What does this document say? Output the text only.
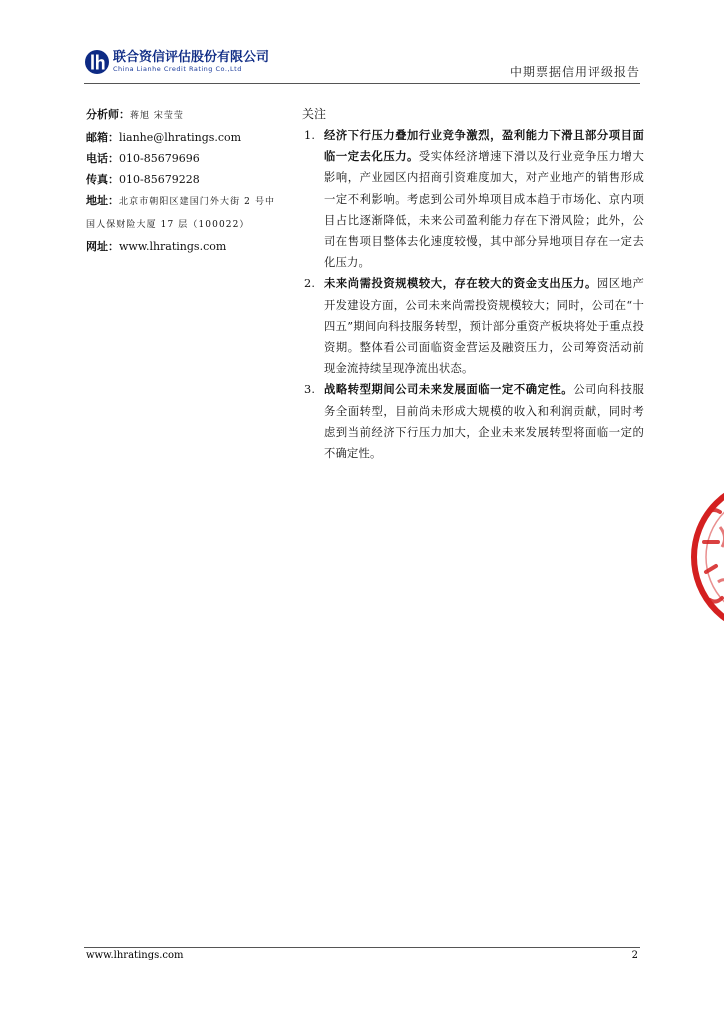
联合资信评估股份有限公司
China Lianhe Credit Rating Co.,Ltd	中期票据信用评级报告
分析师：蒋旭 宋莹莹
邮箱：lianhe@lhratings.com
电话：010-85679696
传真：010-85679228
地址：北京市朝阳区建国门外大街 2 号中
国人保财险大厦 17 层（100022）
网址：www.lhratings.com
关注
1. 经济下行压力叠加行业竞争激烈，盈利能力下滑且部分项目面临一定去化压力。受实体经济增速下滑以及行业竞争压力增大影响，产业园区内招商引资难度加大，对产业地产的销售形成一定不利影响。考虑到公司外埠项目成本趋于市场化、京内项目占比逐渐降低，未来公司盈利能力存在下滑风险；此外，公司在售项目整体去化速度较慢，其中部分异地项目存在一定去化压力。
2. 未来尚需投资规模较大，存在较大的资金支出压力。园区地产开发建设方面，公司未来尚需投资规模较大；同时，公司在“十四五”期间向科技服务转型，预计部分重资产板块将处于重点投资期。整体看公司面临资金营运及融资压力，公司筹资活动前现金流持续呈现净流出状态。
3. 战略转型期间公司未来发展面临一定不确定性。公司向科技服务全面转型，目前尚未形成大规模的收入和利润贡献，同时考虑到当前经济下行压力加大，企业未来发展转型将面临一定的不确定性。
www.lhratings.com	2
